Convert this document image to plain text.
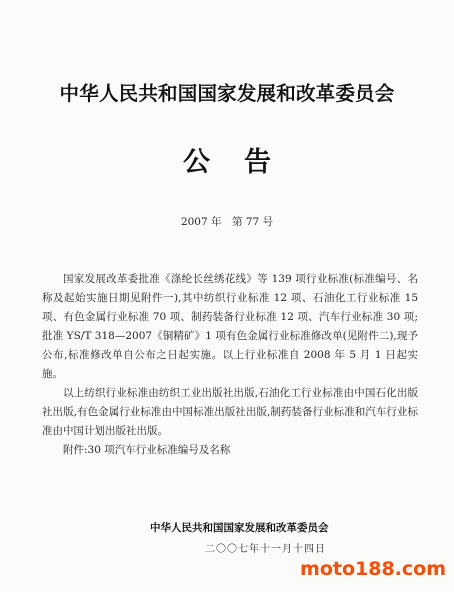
中华人民共和国国家发展和改革委员会
公告
2007 年　第 77 号

国家发展改革委批准《涤纶长丝绣花线》等 139 项行业标准(标准编号、名称及起始实施日期见附件一),其中纺织行业标准 12 项、石油化工行业标准 15 项、有色金属行业标准 70 项、制药装备行业标准 12 项、汽车行业标准 30 项;批准 YS/T 318—2007《铜精矿》1 项有色金属行业标准修改单(见附件二),现予公布,标准修改单自公布之日起实施。以上行业标准自 2008 年 5 月 1 日起实施。

以上纺织行业标准由纺织工业出版社出版,石油化工行业标准由中国石化出版社出版,有色金属行业标准由中国标准出版社出版,制药装备行业标准和汽车行业标准由中国计划出版社出版。

附件:30 项汽车行业标准编号及名称

中华人民共和国国家发展和改革委员会
二〇〇七年十一月十四日
moto188.com
